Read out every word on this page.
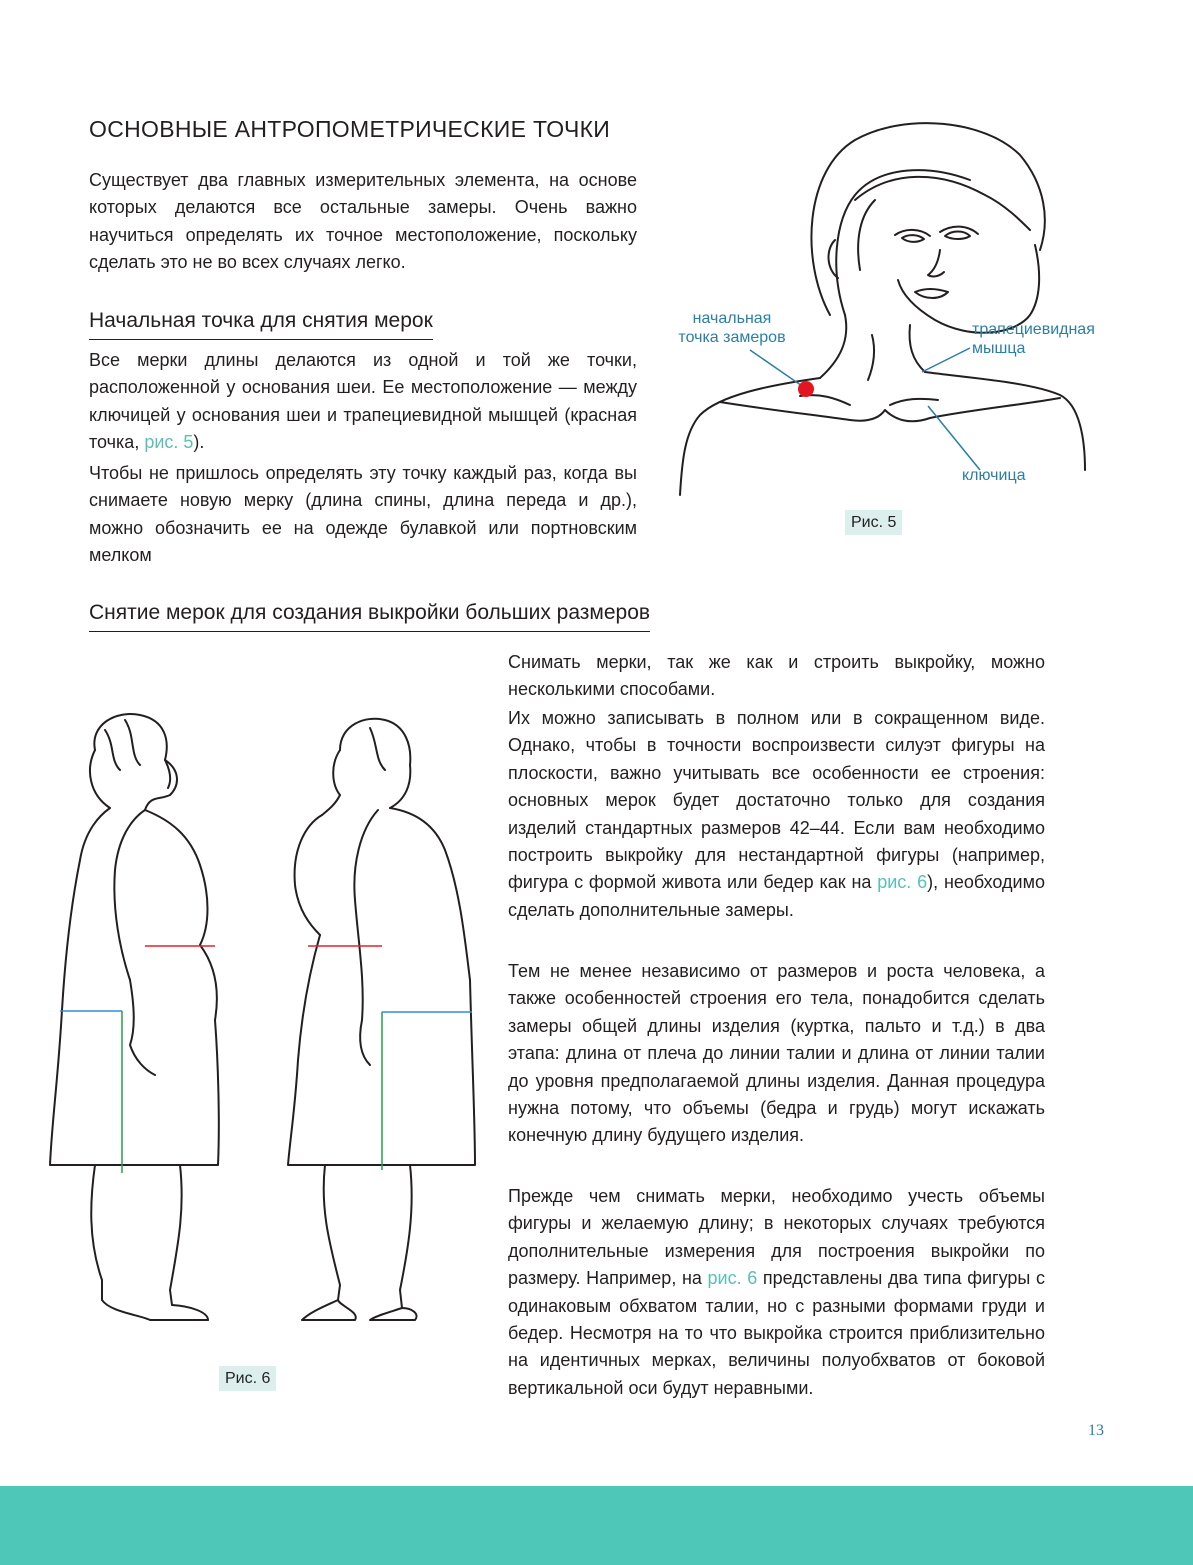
ОСНОВНЫЕ АНТРОПОМЕТРИЧЕСКИЕ ТОЧКИ

Существует два главных измерительных элемента, на основе которых делаются все остальные замеры. Очень важно научиться определять их точное местоположение, поскольку сделать это не во всех случаях легко.

Начальная точка для снятия мерок

Все мерки длины делаются из одной и той же точки, расположенной у основания шеи. Ее местоположение — между ключицей у основания шеи и трапециевидной мышцей (красная точка, рис. 5).

Чтобы не пришлось определять эту точку каждый раз, когда вы снимаете новую мерку (длина спины, длина переда и др.), можно обозначить ее на одежде булавкой или портновским мелком

начальная точка замеров	трапециевидная мышца
ключица
Рис. 5
Снятие мерок для создания выкройки больших размеров
Рис. 6

Снимать мерки, так же как и строить выкройку, можно несколькими способами.

Их можно записывать в полном или в сокращенном виде. Однако, чтобы в точности воспроизвести силуэт фигуры на плоскости, важно учитывать все особенности ее строения: основных мерок будет достаточно только для создания изделий стандартных размеров 42–44. Если вам необходимо построить выкройку для нестандартной фигуры (например, фигура с формой живота или бедер как на рис. 6), необходимо сделать дополнительные замеры.

Тем не менее независимо от размеров и роста человека, а также особенностей строения его тела, понадобится сделать замеры общей длины изделия (куртка, пальто и т.д.) в два этапа: длина от плеча до линии талии и длина от линии талии до уровня предполагаемой длины изделия. Данная процедура нужна потому, что объемы (бедра и грудь) могут искажать конечную длину будущего изделия.

Прежде чем снимать мерки, необходимо учесть объемы фигуры и желаемую длину; в некоторых случаях требуются дополнительные измерения для построения выкройки по размеру. Например, на рис. 6 представлены два типа фигуры с одинаковым обхватом талии, но с разными формами груди и бедер. Несмотря на то что выкройка строится приблизительно на идентичных мерках, величины полуобхватов от боковой вертикальной оси будут неравными.

13
